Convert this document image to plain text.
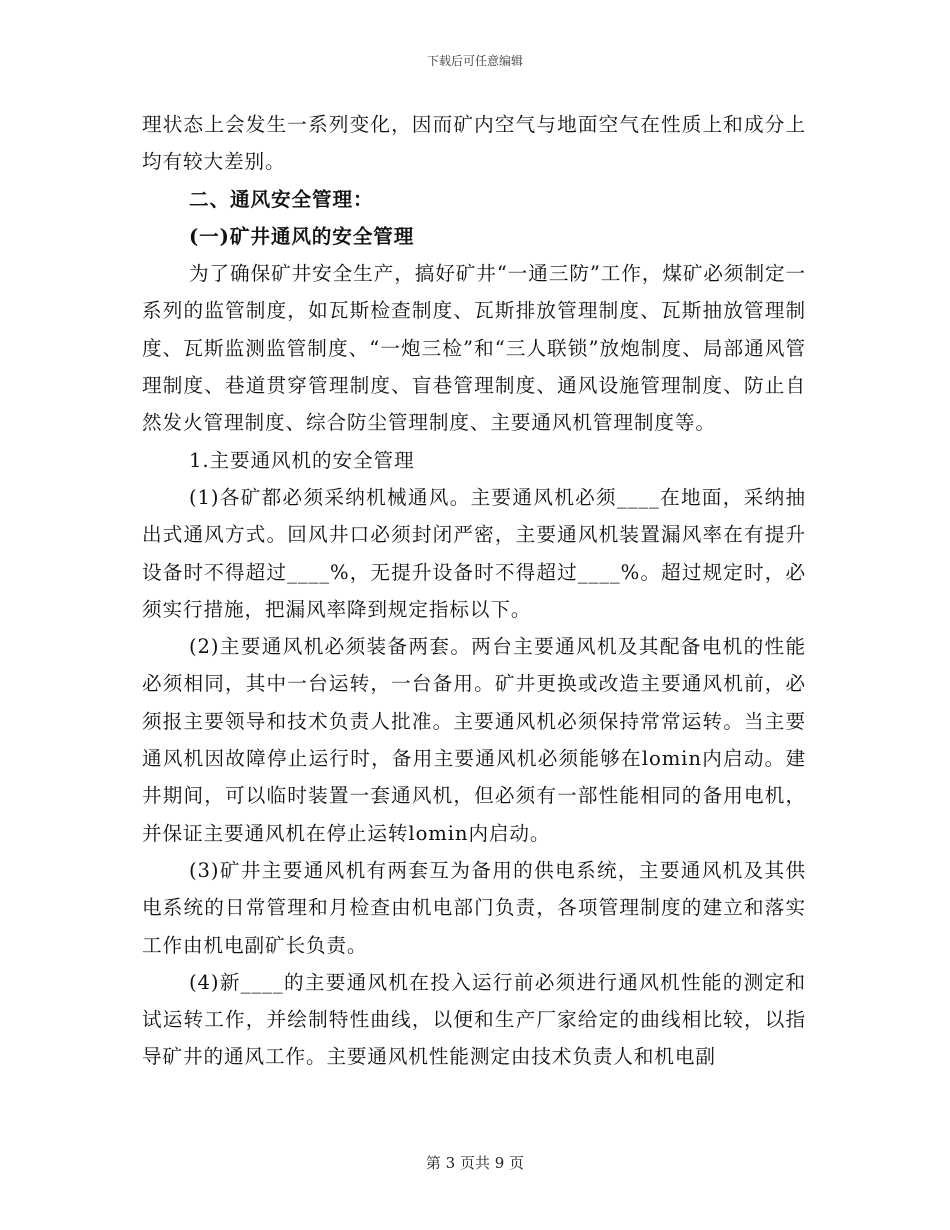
下载后可任意编辑

理状态上会发生一系列变化，因而矿内空气与地面空气在性质上和成分上均有较大差别。

二、通风安全管理：

(一)矿井通风的安全管理

为了确保矿井安全生产，搞好矿井“一通三防”工作，煤矿必须制定一系列的监管制度，如瓦斯检查制度、瓦斯排放管理制度、瓦斯抽放管理制度、瓦斯监测监管制度、“一炮三检”和“三人联锁”放炮制度、局部通风管理制度、巷道贯穿管理制度、盲巷管理制度、通风设施管理制度、防止自然发火管理制度、综合防尘管理制度、主要通风机管理制度等。

1.主要通风机的安全管理

(1)各矿都必须采纳机械通风。主要通风机必须____在地面，采纳抽出式通风方式。回风井口必须封闭严密，主要通风机装置漏风率在有提升设备时不得超过____%，无提升设备时不得超过____%。超过规定时，必须实行措施，把漏风率降到规定指标以下。

(2)主要通风机必须装备两套。两台主要通风机及其配备电机的性能必须相同，其中一台运转，一台备用。矿井更换或改造主要通风机前，必须报主要领导和技术负责人批准。主要通风机必须保持常常运转。当主要通风机因故障停止运行时，备用主要通风机必须能够在lomin内启动。建井期间，可以临时装置一套通风机，但必须有一部性能相同的备用电机，并保证主要通风机在停止运转lomin内启动。

(3)矿井主要通风机有两套互为备用的供电系统，主要通风机及其供电系统的日常管理和月检查由机电部门负责，各项管理制度的建立和落实工作由机电副矿长负责。

(4)新____的主要通风机在投入运行前必须进行通风机性能的测定和试运转工作，并绘制特性曲线，以便和生产厂家给定的曲线相比较，以指导矿井的通风工作。主要通风机性能测定由技术负责人和机电副

第 3 页共 9 页
